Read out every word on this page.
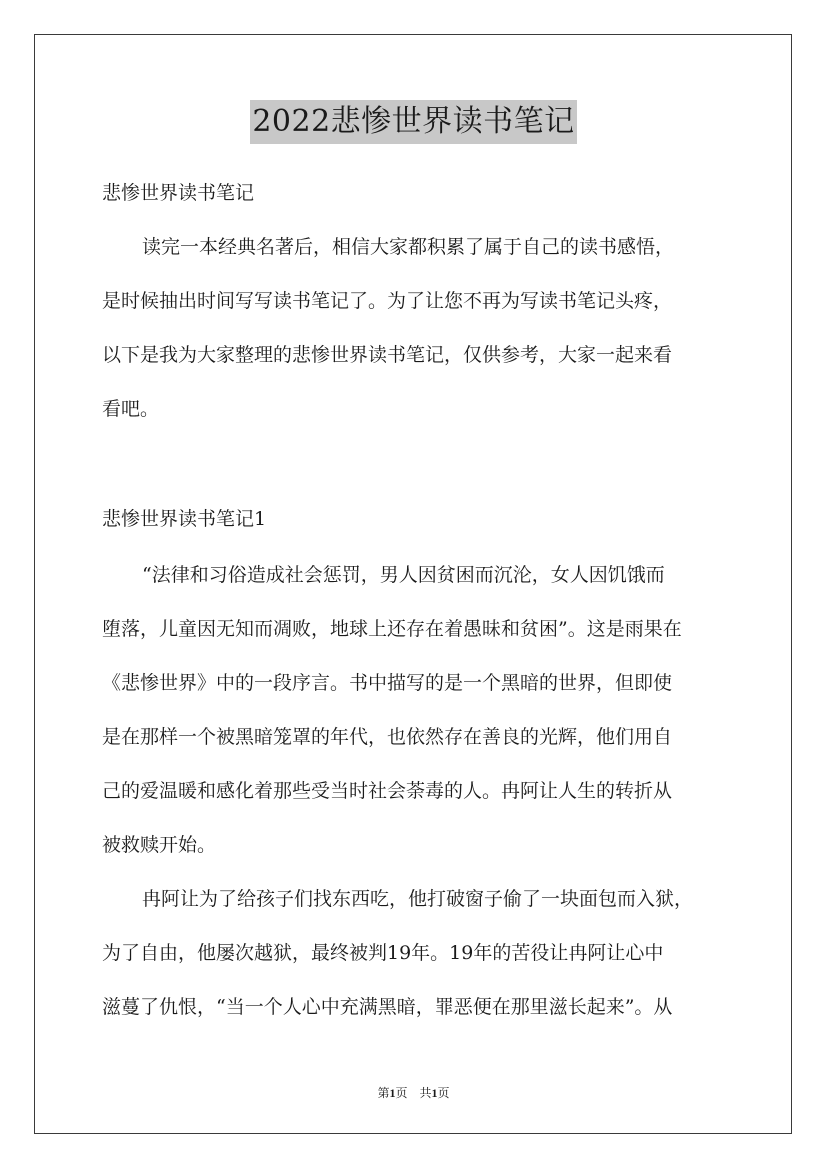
2022悲惨世界读书笔记

悲惨世界读书笔记

读完一本经典名著后，相信大家都积累了属于自己的读书感悟，
是时候抽出时间写写读书笔记了。为了让您不再为写读书笔记头疼，
以下是我为大家整理的悲惨世界读书笔记，仅供参考，大家一起来看
看吧。

悲惨世界读书笔记1

“法律和习俗造成社会惩罚，男人因贫困而沉沦，女人因饥饿而
堕落，儿童因无知而凋败，地球上还存在着愚昧和贫困”。这是雨果在
《悲惨世界》中的一段序言。书中描写的是一个黑暗的世界，但即使
是在那样一个被黑暗笼罩的年代，也依然存在善良的光辉，他们用自
己的爱温暖和感化着那些受当时社会荼毒的人。冉阿让人生的转折从
被救赎开始。
冉阿让为了给孩子们找东西吃，他打破窗子偷了一块面包而入狱，
为了自由，他屡次越狱，最终被判19年。19年的苦役让冉阿让心中
滋蔓了仇恨，“当一个人心中充满黑暗，罪恶便在那里滋长起来”。从
第1页　共1页
